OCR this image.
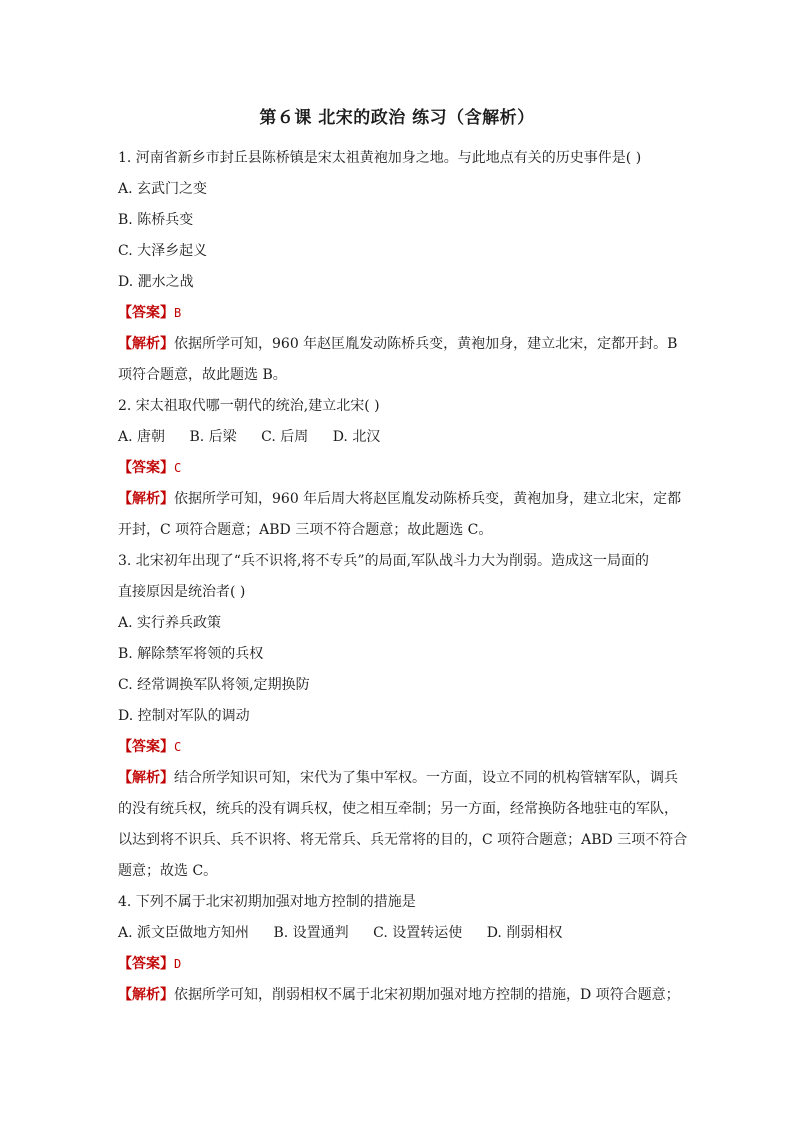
第６课 北宋的政治 练习（含解析）
1. 河南省新乡市封丘县陈桥镇是宋太祖黄袍加身之地。与此地点有关的历史事件是( )
A. 玄武门之变
B. 陈桥兵变
C. 大泽乡起义
D. 淝水之战
【答案】B
【解析】依据所学可知，960 年赵匡胤发动陈桥兵变，黄袍加身，建立北宋，定都开封。B
项符合题意，故此题选 B。
2. 宋太祖取代哪一朝代的统治,建立北宋( )
A. 唐朝 B. 后梁 C. 后周 D. 北汉
【答案】C
【解析】依据所学可知，960 年后周大将赵匡胤发动陈桥兵变，黄袍加身，建立北宋，定都
开封，C 项符合题意；ABD 三项不符合题意；故此题选 C。
3. 北宋初年出现了“兵不识将,将不专兵”的局面,军队战斗力大为削弱。造成这一局面的
直接原因是统治者( )
A. 实行养兵政策
B. 解除禁军将领的兵权
C. 经常调换军队将领,定期换防
D. 控制对军队的调动
【答案】C
【解析】结合所学知识可知，宋代为了集中军权。一方面，设立不同的机构管辖军队，调兵
的没有统兵权，统兵的没有调兵权，使之相互牵制；另一方面，经常换防各地驻屯的军队，
以达到将不识兵、兵不识将、将无常兵、兵无常将的目的，C 项符合题意；ABD 三项不符合
题意；故选 C。
4. 下列不属于北宋初期加强对地方控制的措施是
A. 派文臣做地方知州 B. 设置通判 C. 设置转运使 D. 削弱相权
【答案】D
【解析】依据所学可知，削弱相权不属于北宋初期加强对地方控制的措施，D 项符合题意；
